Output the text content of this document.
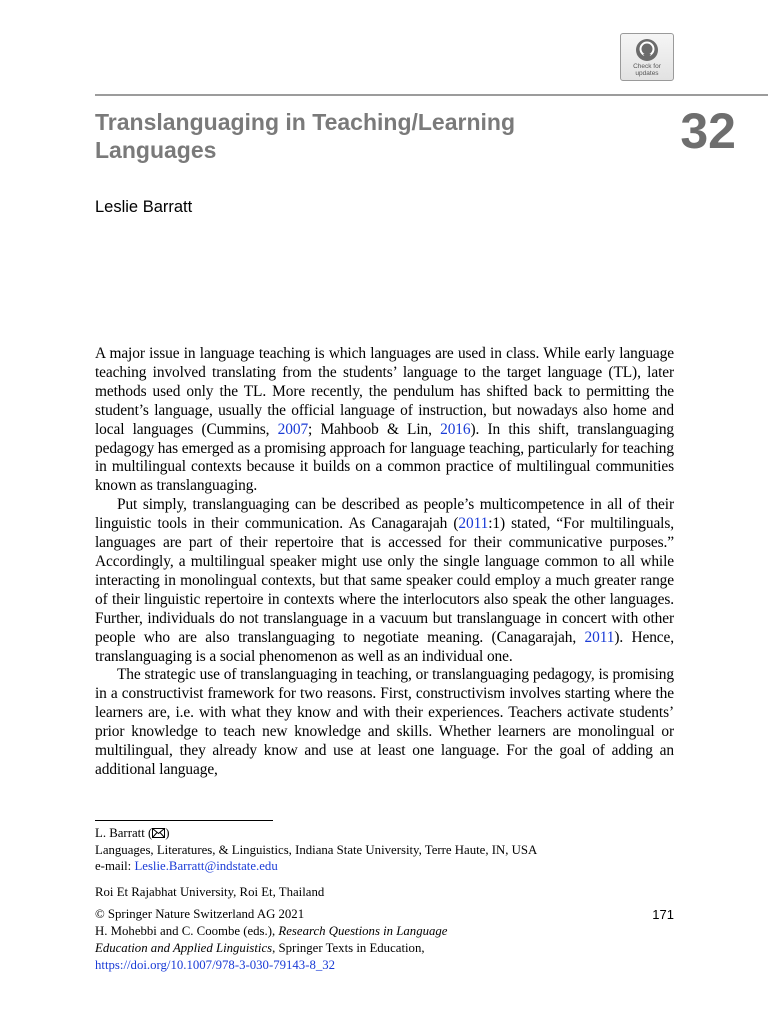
Check for
updates
Translanguaging in Teaching/Learning
Languages	32
Leslie Barratt

A major issue in language teaching is which languages are used in class. While early language teaching involved translating from the students’ language to the target language (TL), later methods used only the TL. More recently, the pendulum has shifted back to permitting the student’s language, usually the official language of instruction, but nowadays also home and local languages (Cummins, 2007; Mahboob & Lin, 2016). In this shift, translanguaging pedagogy has emerged as a promising approach for language teaching, particularly for teaching in multilingual contexts because it builds on a common practice of multilingual communities known as translanguaging.

Put simply, translanguaging can be described as people’s multicompetence in all of their linguistic tools in their communication. As Canagarajah (2011:1) stated, “For multilinguals, languages are part of their repertoire that is accessed for their communicative purposes.” Accordingly, a multilingual speaker might use only the single language common to all while interacting in monolingual contexts, but that same speaker could employ a much greater range of their linguistic repertoire in contexts where the interlocutors also speak the other languages. Further, individuals do not translanguage in a vacuum but translanguage in concert with other people who are also translanguaging to negotiate meaning. (Canagarajah, 2011). Hence, translanguaging is a social phenomenon as well as an individual one.

The strategic use of translanguaging in teaching, or translanguaging pedagogy, is promising in a constructivist framework for two reasons. First, constructivism involves starting where the learners are, i.e. with what they know and with their experiences. Teachers activate students’ prior knowledge to teach new knowledge and skills. Whether learners are monolingual or multilingual, they already know and use at least one language. For the goal of adding an additional language,

L. Barratt ( )
Languages, Literatures, & Linguistics, Indiana State University, Terre Haute, IN, USA
e-mail: Leslie.Barratt@indstate.edu
Roi Et Rajabhat University, Roi Et, Thailand
© Springer Nature Switzerland AG 2021
H. Mohebbi and C. Coombe (eds.), Research Questions in Language
Education and Applied Linguistics, Springer Texts in Education,
https://doi.org/10.1007/978-3-030-79143-8_32
171
